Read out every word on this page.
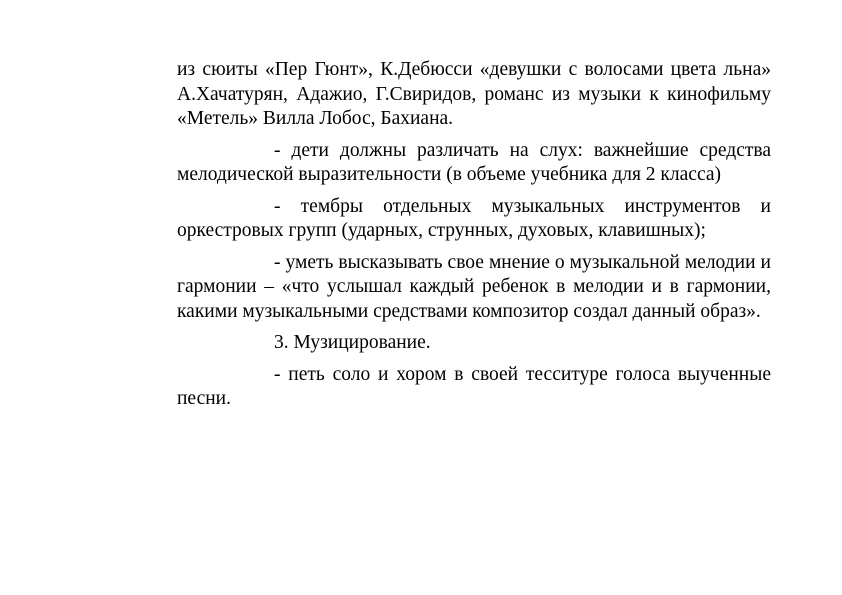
из сюиты «Пер Гюнт», К.Дебюсси «девушки с волосами цвета льна» А.Хачатурян, Адажио, Г.Свиридов, романс из музыки к кинофильму «Метель» Вилла Лобос, Бахиана.

- дети должны различать на слух: важнейшие средства мелодической выразительности (в объеме учебника для 2 класса)

- тембры отдельных музыкальных инструментов и оркестровых групп (ударных, струнных, духовых, клавишных);

- уметь высказывать свое мнение о музыкальной мелодии и гармонии – «что услышал каждый ребенок в мелодии и в гармонии, какими музыкальными средствами композитор создал данный образ».

3. Музицирование.

- петь соло и хором в своей тесситуре голоса выученные песни.
